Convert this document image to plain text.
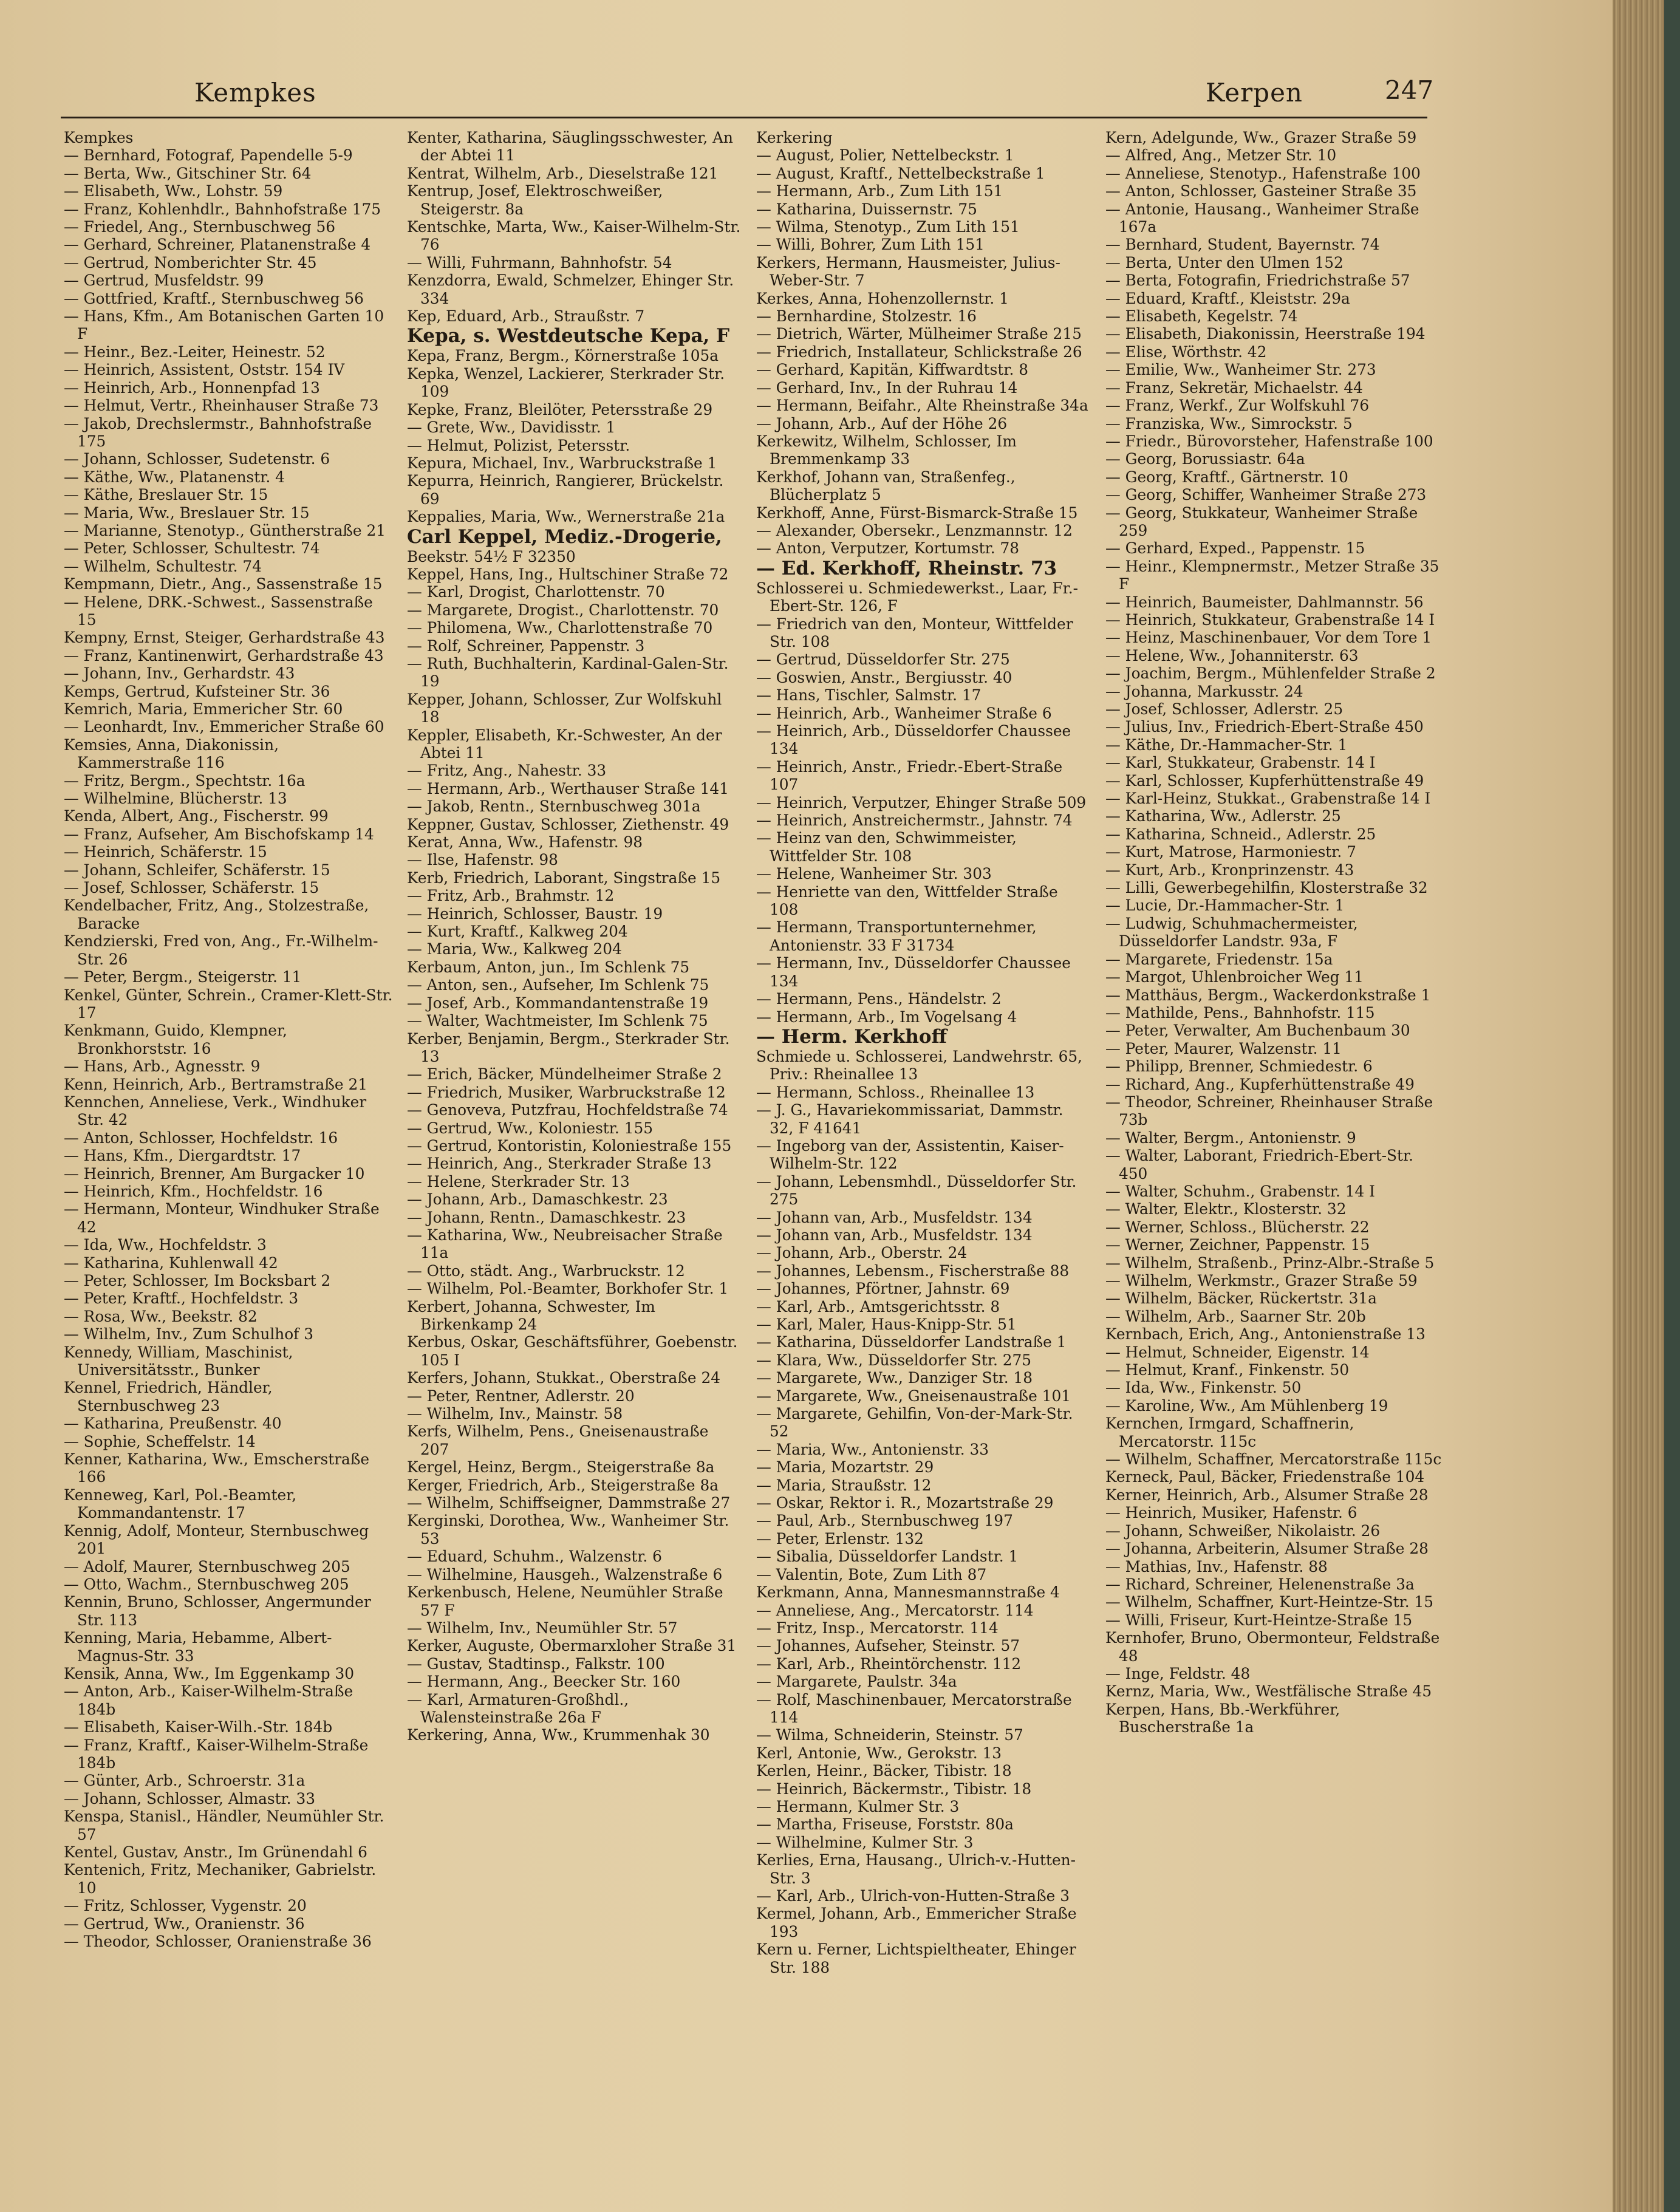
Kempkes	Kerpen	247
Kempkes
— Bernhard, Fotograf, Papendelle 5-9
— Berta, Ww., Gitschiner Str. 64
— Elisabeth, Ww., Lohstr. 59
— Franz, Kohlenhdlr., Bahnhofstraße 175
— Friedel, Ang., Sternbuschweg 56
— Gerhard, Schreiner, Platanenstraße 4
— Gertrud, Nomberichter Str. 45
— Gertrud, Musfeldstr. 99
— Gottfried, Kraftf., Sternbuschweg 56
— Hans, Kfm., Am Botanischen Garten 10 F
— Heinr., Bez.-Leiter, Heinestr. 52
— Heinrich, Assistent, Oststr. 154 IV
— Heinrich, Arb., Honnenpfad 13
— Helmut, Vertr., Rheinhauser Straße 73
— Jakob, Drechslermstr., Bahnhofstraße 175
— Johann, Schlosser, Sudetenstr. 6
— Käthe, Ww., Platanenstr. 4
— Käthe, Breslauer Str. 15
— Maria, Ww., Breslauer Str. 15
— Marianne, Stenotyp., Güntherstraße 21
— Peter, Schlosser, Schultestr. 74
— Wilhelm, Schultestr. 74
Kempmann, Dietr., Ang., Sassenstraße 15
— Helene, DRK.-Schwest., Sassenstraße 15
Kempny, Ernst, Steiger, Gerhardstraße 43
— Franz, Kantinenwirt, Gerhardstraße 43
— Johann, Inv., Gerhardstr. 43
Kemps, Gertrud, Kufsteiner Str. 36
Kemrich, Maria, Emmericher Str. 60
— Leonhardt, Inv., Emmericher Straße 60
Kemsies, Anna, Diakonissin, Kammerstraße 116
— Fritz, Bergm., Spechtstr. 16a
— Wilhelmine, Blücherstr. 13
Kenda, Albert, Ang., Fischerstr. 99
— Franz, Aufseher, Am Bischofskamp 14
— Heinrich, Schäferstr. 15
— Johann, Schleifer, Schäferstr. 15
— Josef, Schlosser, Schäferstr. 15
Kendelbacher, Fritz, Ang., Stolzestraße, Baracke
Kendzierski, Fred von, Ang., Fr.-Wilhelm-Str. 26
— Peter, Bergm., Steigerstr. 11
Kenkel, Günter, Schrein., Cramer-Klett-Str. 17
Kenkmann, Guido, Klempner, Bronkhorststr. 16
— Hans, Arb., Agnesstr. 9
Kenn, Heinrich, Arb., Bertramstraße 21
Kennchen, Anneliese, Verk., Windhuker Str. 42
— Anton, Schlosser, Hochfeldstr. 16
— Hans, Kfm., Diergardtstr. 17
— Heinrich, Brenner, Am Burgacker 10
— Heinrich, Kfm., Hochfeldstr. 16
— Hermann, Monteur, Windhuker Straße 42
— Ida, Ww., Hochfeldstr. 3
— Katharina, Kuhlenwall 42
— Peter, Schlosser, Im Bocksbart 2
— Peter, Kraftf., Hochfeldstr. 3
— Rosa, Ww., Beekstr. 82
— Wilhelm, Inv., Zum Schulhof 3
Kennedy, William, Maschinist, Universitätsstr., Bunker
Kennel, Friedrich, Händler, Sternbuschweg 23
— Katharina, Preußenstr. 40
— Sophie, Scheffelstr. 14
Kenner, Katharina, Ww., Emscherstraße 166
Kenneweg, Karl, Pol.-Beamter, Kommandantenstr. 17
Kennig, Adolf, Monteur, Sternbuschweg 201
— Adolf, Maurer, Sternbuschweg 205
— Otto, Wachm., Sternbuschweg 205
Kennin, Bruno, Schlosser, Angermunder Str. 113
Kenning, Maria, Hebamme, Albert-Magnus-Str. 33
Kensik, Anna, Ww., Im Eggenkamp 30
— Anton, Arb., Kaiser-Wilhelm-Straße 184b
— Elisabeth, Kaiser-Wilh.-Str. 184b
— Franz, Kraftf., Kaiser-Wilhelm-Straße 184b
— Günter, Arb., Schroerstr. 31a
— Johann, Schlosser, Almastr. 33
Kenspa, Stanisl., Händler, Neumühler Str. 57
Kentel, Gustav, Anstr., Im Grünendahl 6
Kentenich, Fritz, Mechaniker, Gabrielstr. 10
— Fritz, Schlosser, Vygenstr. 20
— Gertrud, Ww., Oranienstr. 36
— Theodor, Schlosser, Oranienstraße 36
Kenter, Katharina, Säuglingsschwester, An der Abtei 11
Kentrat, Wilhelm, Arb., Dieselstraße 121
Kentrup, Josef, Elektroschweißer, Steigerstr. 8a
Kentschke, Marta, Ww., Kaiser-Wilhelm-Str. 76
— Willi, Fuhrmann, Bahnhofstr. 54
Kenzdorra, Ewald, Schmelzer, Ehinger Str. 334
Kep, Eduard, Arb., Straußstr. 7
Kepa, s. Westdeutsche Kepa, F
Kepa, Franz, Bergm., Körnerstraße 105a
Kepka, Wenzel, Lackierer, Sterkrader Str. 109
Kepke, Franz, Bleilöter, Petersstraße 29
— Grete, Ww., Davidisstr. 1
— Helmut, Polizist, Petersstr.
Kepura, Michael, Inv., Warbruckstraße 1
Kepurra, Heinrich, Rangierer, Brückelstr. 69
Keppalies, Maria, Ww., Wernerstraße 21a
Carl Keppel, Mediz.-Drogerie,
Beekstr. 54½ F 32350
Keppel, Hans, Ing., Hultschiner Straße 72
— Karl, Drogist, Charlottenstr. 70
— Margarete, Drogist., Charlottenstr. 70
— Philomena, Ww., Charlottenstraße 70
— Rolf, Schreiner, Pappenstr. 3
— Ruth, Buchhalterin, Kardinal-Galen-Str. 19
Kepper, Johann, Schlosser, Zur Wolfskuhl 18
Keppler, Elisabeth, Kr.-Schwester, An der Abtei 11
— Fritz, Ang., Nahestr. 33
— Hermann, Arb., Werthauser Straße 141
— Jakob, Rentn., Sternbuschweg 301a
Keppner, Gustav, Schlosser, Ziethenstr. 49
Kerat, Anna, Ww., Hafenstr. 98
— Ilse, Hafenstr. 98
Kerb, Friedrich, Laborant, Singstraße 15
— Fritz, Arb., Brahmstr. 12
— Heinrich, Schlosser, Baustr. 19
— Kurt, Kraftf., Kalkweg 204
— Maria, Ww., Kalkweg 204
Kerbaum, Anton, jun., Im Schlenk 75
— Anton, sen., Aufseher, Im Schlenk 75
— Josef, Arb., Kommandantenstraße 19
— Walter, Wachtmeister, Im Schlenk 75
Kerber, Benjamin, Bergm., Sterkrader Str. 13
— Erich, Bäcker, Mündelheimer Straße 2
— Friedrich, Musiker, Warbruckstraße 12
— Genoveva, Putzfrau, Hochfeldstraße 74
— Gertrud, Ww., Koloniestr. 155
— Gertrud, Kontoristin, Koloniestraße 155
— Heinrich, Ang., Sterkrader Straße 13
— Helene, Sterkrader Str. 13
— Johann, Arb., Damaschkestr. 23
— Johann, Rentn., Damaschkestr. 23
— Katharina, Ww., Neubreisacher Straße 11a
— Otto, städt. Ang., Warbruckstr. 12
— Wilhelm, Pol.-Beamter, Borkhofer Str. 1
Kerbert, Johanna, Schwester, Im Birkenkamp 24
Kerbus, Oskar, Geschäftsführer, Goebenstr. 105 I
Kerfers, Johann, Stukkat., Oberstraße 24
— Peter, Rentner, Adlerstr. 20
— Wilhelm, Inv., Mainstr. 58
Kerfs, Wilhelm, Pens., Gneisenaustraße 207
Kergel, Heinz, Bergm., Steigerstraße 8a
Kerger, Friedrich, Arb., Steigerstraße 8a
— Wilhelm, Schiffseigner, Dammstraße 27
Kerginski, Dorothea, Ww., Wanheimer Str. 53
— Eduard, Schuhm., Walzenstr. 6
— Wilhelmine, Hausgeh., Walzenstraße 6
Kerkenbusch, Helene, Neumühler Straße 57 F
— Wilhelm, Inv., Neumühler Str. 57
Kerker, Auguste, Obermarxloher Straße 31
— Gustav, Stadtinsp., Falkstr. 100
— Hermann, Ang., Beecker Str. 160
— Karl, Armaturen-Großhdl., Walensteinstraße 26a F
Kerkering, Anna, Ww., Krummenhak 30
Kerkering
— August, Polier, Nettelbeckstr. 1
— August, Kraftf., Nettelbeckstraße 1
— Hermann, Arb., Zum Lith 151
— Katharina, Duissernstr. 75
— Wilma, Stenotyp., Zum Lith 151
— Willi, Bohrer, Zum Lith 151
Kerkers, Hermann, Hausmeister, Julius-Weber-Str. 7
Kerkes, Anna, Hohenzollernstr. 1
— Bernhardine, Stolzestr. 16
— Dietrich, Wärter, Mülheimer Straße 215
— Friedrich, Installateur, Schlickstraße 26
— Gerhard, Kapitän, Kiffwardtstr. 8
— Gerhard, Inv., In der Ruhrau 14
— Hermann, Beifahr., Alte Rheinstraße 34a
— Johann, Arb., Auf der Höhe 26
Kerkewitz, Wilhelm, Schlosser, Im Bremmenkamp 33
Kerkhof, Johann van, Straßenfeg., Blücherplatz 5
Kerkhoff, Anne, Fürst-Bismarck-Straße 15
— Alexander, Obersekr., Lenzmannstr. 12
— Anton, Verputzer, Kortumstr. 78
— Ed. Kerkhoff, Rheinstr. 73
Schlosserei u. Schmiedewerkst., Laar, Fr.-Ebert-Str. 126, F
— Friedrich van den, Monteur, Wittfelder Str. 108
— Gertrud, Düsseldorfer Str. 275
— Goswien, Anstr., Bergiusstr. 40
— Hans, Tischler, Salmstr. 17
— Heinrich, Arb., Wanheimer Straße 6
— Heinrich, Arb., Düsseldorfer Chaussee 134
— Heinrich, Anstr., Friedr.-Ebert-Straße 107
— Heinrich, Verputzer, Ehinger Straße 509
— Heinrich, Anstreichermstr., Jahnstr. 74
— Heinz van den, Schwimmeister, Wittfelder Str. 108
— Helene, Wanheimer Str. 303
— Henriette van den, Wittfelder Straße 108
— Hermann, Transportunternehmer, Antonienstr. 33 F 31734
— Hermann, Inv., Düsseldorfer Chaussee 134
— Hermann, Pens., Händelstr. 2
— Hermann, Arb., Im Vogelsang 4
— Herm. Kerkhoff
Schmiede u. Schlosserei, Landwehrstr. 65, Priv.: Rheinallee 13
— Hermann, Schloss., Rheinallee 13
— J. G., Havariekommissariat, Dammstr. 32, F 41641
— Ingeborg van der, Assistentin, Kaiser-Wilhelm-Str. 122
— Johann, Lebensmhdl., Düsseldorfer Str. 275
— Johann van, Arb., Musfeldstr. 134
— Johann van, Arb., Musfeldstr. 134
— Johann, Arb., Oberstr. 24
— Johannes, Lebensm., Fischerstraße 88
— Johannes, Pförtner, Jahnstr. 69
— Karl, Arb., Amtsgerichtsstr. 8
— Karl, Maler, Haus-Knipp-Str. 51
— Katharina, Düsseldorfer Landstraße 1
— Klara, Ww., Düsseldorfer Str. 275
— Margarete, Ww., Danziger Str. 18
— Margarete, Ww., Gneisenaustraße 101
— Margarete, Gehilfin, Von-der-Mark-Str. 52
— Maria, Ww., Antonienstr. 33
— Maria, Mozartstr. 29
— Maria, Straußstr. 12
— Oskar, Rektor i. R., Mozartstraße 29
— Paul, Arb., Sternbuschweg 197
— Peter, Erlenstr. 132
— Sibalia, Düsseldorfer Landstr. 1
— Valentin, Bote, Zum Lith 87
Kerkmann, Anna, Mannesmannstraße 4
— Anneliese, Ang., Mercatorstr. 114
— Fritz, Insp., Mercatorstr. 114
— Johannes, Aufseher, Steinstr. 57
— Karl, Arb., Rheintörchenstr. 112
— Margarete, Paulstr. 34a
— Rolf, Maschinenbauer, Mercatorstraße 114
— Wilma, Schneiderin, Steinstr. 57
Kerl, Antonie, Ww., Gerokstr. 13
Kerlen, Heinr., Bäcker, Tibistr. 18
— Heinrich, Bäckermstr., Tibistr. 18
— Hermann, Kulmer Str. 3
— Martha, Friseuse, Forststr. 80a
— Wilhelmine, Kulmer Str. 3
Kerlies, Erna, Hausang., Ulrich-v.-Hutten-Str. 3
— Karl, Arb., Ulrich-von-Hutten-Straße 3
Kermel, Johann, Arb., Emmericher Straße 193
Kern u. Ferner, Lichtspieltheater, Ehinger Str. 188
Kern, Adelgunde, Ww., Grazer Straße 59
— Alfred, Ang., Metzer Str. 10
— Anneliese, Stenotyp., Hafenstraße 100
— Anton, Schlosser, Gasteiner Straße 35
— Antonie, Hausang., Wanheimer Straße 167a
— Bernhard, Student, Bayernstr. 74
— Berta, Unter den Ulmen 152
— Berta, Fotografin, Friedrichstraße 57
— Eduard, Kraftf., Kleiststr. 29a
— Elisabeth, Kegelstr. 74
— Elisabeth, Diakonissin, Heerstraße 194
— Elise, Wörthstr. 42
— Emilie, Ww., Wanheimer Str. 273
— Franz, Sekretär, Michaelstr. 44
— Franz, Werkf., Zur Wolfskuhl 76
— Franziska, Ww., Simrockstr. 5
— Friedr., Bürovorsteher, Hafenstraße 100
— Georg, Borussiastr. 64a
— Georg, Kraftf., Gärtnerstr. 10
— Georg, Schiffer, Wanheimer Straße 273
— Georg, Stukkateur, Wanheimer Straße 259
— Gerhard, Exped., Pappenstr. 15
— Heinr., Klempnermstr., Metzer Straße 35 F
— Heinrich, Baumeister, Dahlmannstr. 56
— Heinrich, Stukkateur, Grabenstraße 14 I
— Heinz, Maschinenbauer, Vor dem Tore 1
— Helene, Ww., Johanniterstr. 63
— Joachim, Bergm., Mühlenfelder Straße 2
— Johanna, Markusstr. 24
— Josef, Schlosser, Adlerstr. 25
— Julius, Inv., Friedrich-Ebert-Straße 450
— Käthe, Dr.-Hammacher-Str. 1
— Karl, Stukkateur, Grabenstr. 14 I
— Karl, Schlosser, Kupferhüttenstraße 49
— Karl-Heinz, Stukkat., Grabenstraße 14 I
— Katharina, Ww., Adlerstr. 25
— Katharina, Schneid., Adlerstr. 25
— Kurt, Matrose, Harmoniestr. 7
— Kurt, Arb., Kronprinzenstr. 43
— Lilli, Gewerbegehilfin, Klosterstraße 32
— Lucie, Dr.-Hammacher-Str. 1
— Ludwig, Schuhmachermeister, Düsseldorfer Landstr. 93a, F
— Margarete, Friedenstr. 15a
— Margot, Uhlenbroicher Weg 11
— Matthäus, Bergm., Wackerdonkstraße 1
— Mathilde, Pens., Bahnhofstr. 115
— Peter, Verwalter, Am Buchenbaum 30
— Peter, Maurer, Walzenstr. 11
— Philipp, Brenner, Schmiedestr. 6
— Richard, Ang., Kupferhüttenstraße 49
— Theodor, Schreiner, Rheinhauser Straße 73b
— Walter, Bergm., Antonienstr. 9
— Walter, Laborant, Friedrich-Ebert-Str. 450
— Walter, Schuhm., Grabenstr. 14 I
— Walter, Elektr., Klosterstr. 32
— Werner, Schloss., Blücherstr. 22
— Werner, Zeichner, Pappenstr. 15
— Wilhelm, Straßenb., Prinz-Albr.-Straße 5
— Wilhelm, Werkmstr., Grazer Straße 59
— Wilhelm, Bäcker, Rückertstr. 31a
— Wilhelm, Arb., Saarner Str. 20b
Kernbach, Erich, Ang., Antonienstraße 13
— Helmut, Schneider, Eigenstr. 14
— Helmut, Kranf., Finkenstr. 50
— Ida, Ww., Finkenstr. 50
— Karoline, Ww., Am Mühlenberg 19
Kernchen, Irmgard, Schaffnerin, Mercatorstr. 115c
— Wilhelm, Schaffner, Mercatorstraße 115c
Kerneck, Paul, Bäcker, Friedenstraße 104
Kerner, Heinrich, Arb., Alsumer Straße 28
— Heinrich, Musiker, Hafenstr. 6
— Johann, Schweißer, Nikolaistr. 26
— Johanna, Arbeiterin, Alsumer Straße 28
— Mathias, Inv., Hafenstr. 88
— Richard, Schreiner, Helenenstraße 3a
— Wilhelm, Schaffner, Kurt-Heintze-Str. 15
— Willi, Friseur, Kurt-Heintze-Straße 15
Kernhofer, Bruno, Obermonteur, Feldstraße 48
— Inge, Feldstr. 48
Kernz, Maria, Ww., Westfälische Straße 45
Kerpen, Hans, Bb.-Werkführer, Buscherstraße 1a
